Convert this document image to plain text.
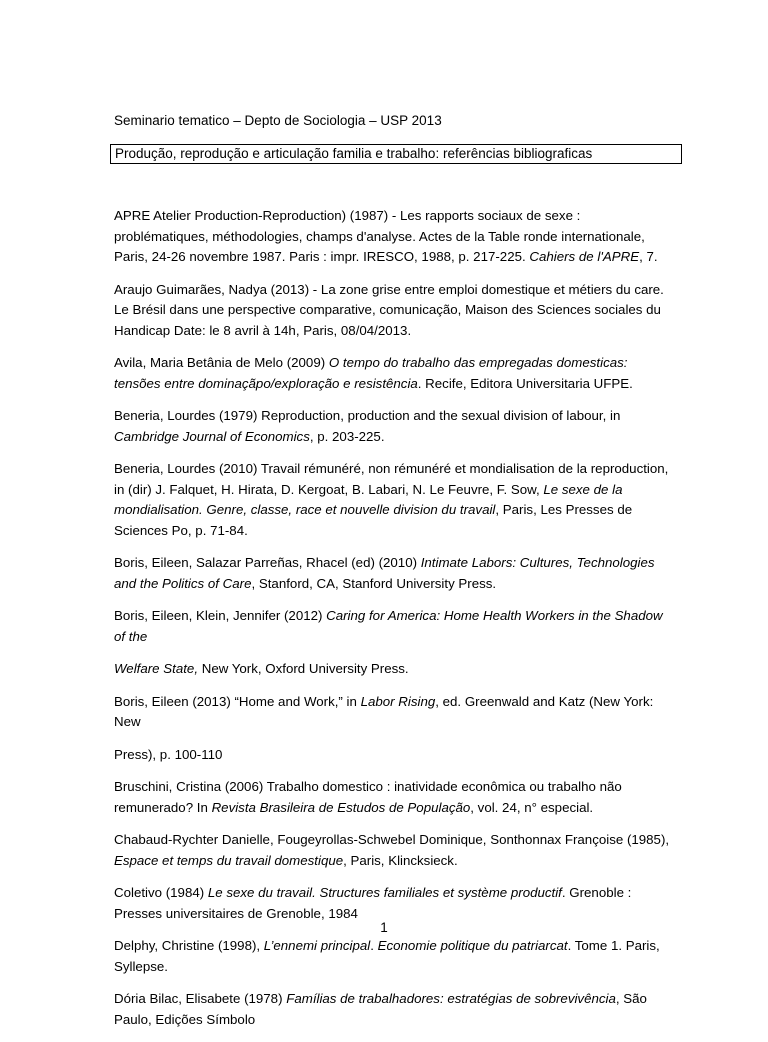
Seminario tematico – Depto de Sociologia – USP 2013
Produção, reprodução e articulação familia e trabalho: referências bibliograficas

APRE Atelier Production-Reproduction) (1987) - Les rapports sociaux de sexe : problématiques, méthodologies, champs d'analyse. Actes de la Table ronde internationale, Paris, 24-26 novembre 1987. Paris : impr. IRESCO, 1988, p. 217-225. Cahiers de l'APRE, 7.

Araujo Guimarães, Nadya (2013) - La zone grise entre emploi domestique et métiers du care. Le Brésil dans une perspective comparative, comunicação, Maison des Sciences sociales du Handicap Date: le 8 avril à 14h, Paris, 08/04/2013.

Avila, Maria Betânia de Melo (2009) O tempo do trabalho das empregadas domesticas: tensões entre dominaçãpo/exploração e resistência. Recife, Editora Universitaria UFPE.

Beneria, Lourdes (1979) Reproduction, production and the sexual division of labour, in Cambridge Journal of Economics, p. 203-225.

Beneria, Lourdes (2010) Travail rémunéré, non rémunéré et mondialisation de la reproduction, in (dir) J. Falquet, H. Hirata, D. Kergoat, B. Labari, N. Le Feuvre, F. Sow, Le sexe de la mondialisation. Genre, classe, race et nouvelle division du travail, Paris, Les Presses de Sciences Po, p. 71-84.

Boris, Eileen, Salazar Parreñas, Rhacel (ed) (2010) Intimate Labors: Cultures, Technologies and the Politics of Care, Stanford, CA, Stanford University Press.

Boris, Eileen, Klein, Jennifer (2012) Caring for America: Home Health Workers in the Shadow of the

Welfare State, New York, Oxford University Press.

Boris, Eileen (2013) “Home and Work,” in Labor Rising, ed. Greenwald and Katz (New York: New

Press), p. 100-110

Bruschini, Cristina (2006) Trabalho domestico : inatividade econômica ou trabalho não remunerado? In Revista Brasileira de Estudos de População, vol. 24, n° especial.

Chabaud-Rychter Danielle, Fougeyrollas-Schwebel Dominique, Sonthonnax Françoise (1985), Espace et temps du travail domestique, Paris, Klincksieck.

Coletivo (1984) Le sexe du travail. Structures familiales et système productif. Grenoble : Presses universitaires de Grenoble, 1984

Delphy, Christine (1998), L’ennemi principal. Economie politique du patriarcat. Tome 1. Paris, Syllepse.

Dória Bilac, Elisabete (1978) Famílias de trabalhadores: estratégias de sobrevivência, São Paulo, Edições Símbolo

1
